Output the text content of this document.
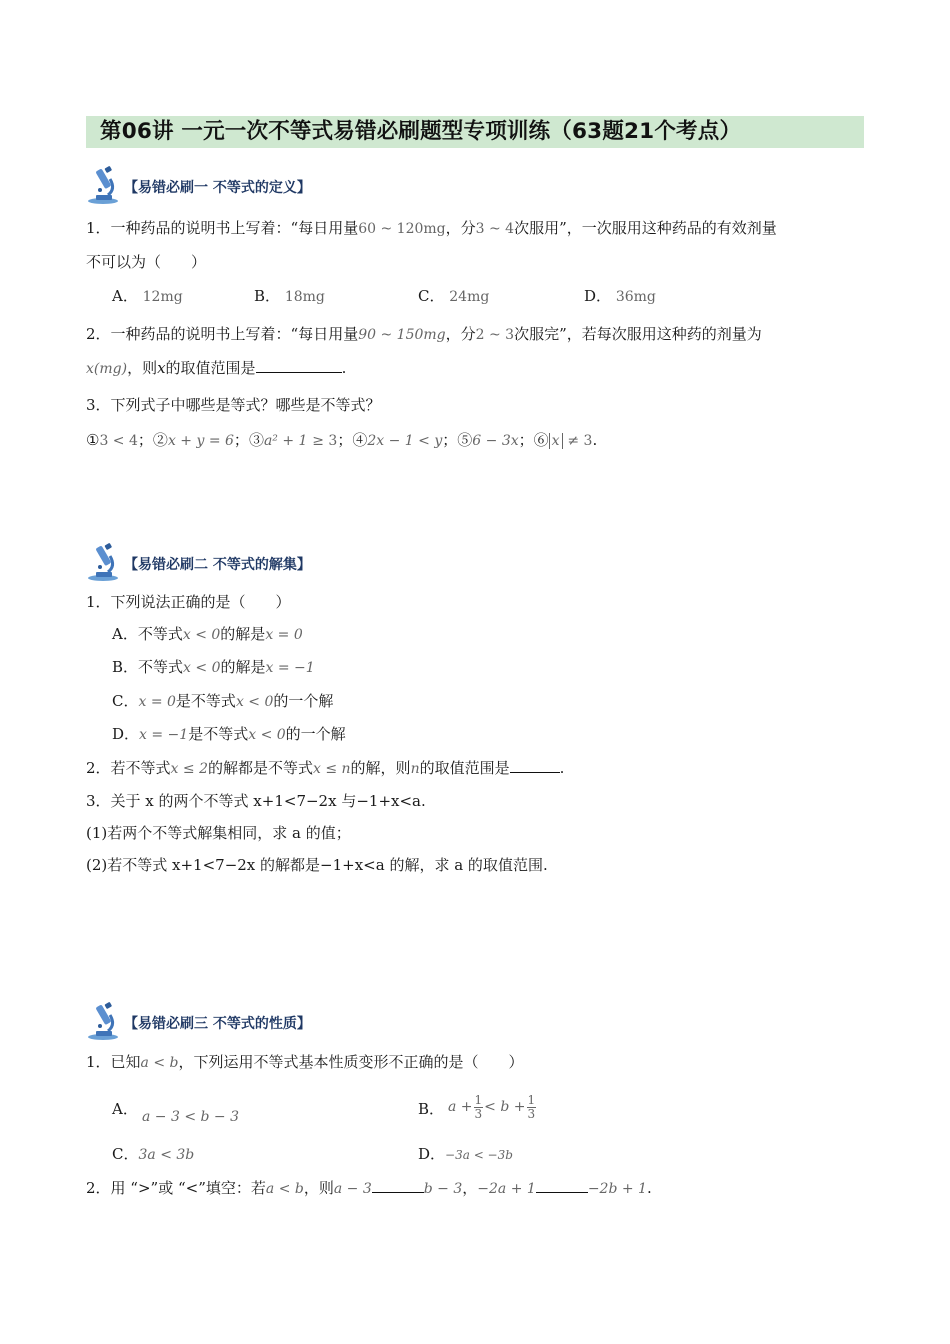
第06讲 一元一次不等式易错必刷题型专项训练（63题21个考点）
【易错必刷一 不等式的定义】
1．一种药品的说明书上写着：“每日用量60 ~ 120mg，分3 ~ 4次服用”，一次服用这种药品的有效剂量
不可以为（　　）
A． 12mg	B． 18mg	C． 24mg	D． 36mg
2．一种药品的说明书上写着：“每日用量90 ~ 150mg，分2 ~ 3次服完”，若每次服用这种药的剂量为
x(mg)，则x的取值范围是	.
3．下列式子中哪些是等式？哪些是不等式？
①3 < 4；②x + y = 6；③a² + 1 ≥ 3；④2x − 1 < y；⑤6 − 3x；⑥ x ≠ 3.
【易错必刷二 不等式的解集】
1．下列说法正确的是（　　）
A．不等式x < 0的解是x = 0
B．不等式x < 0的解是x = −1
C．x = 0是不等式x < 0的一个解
D．x = −1是不等式x < 0的一个解
2．若不等式x ≤ 2的解都是不等式x ≤ n的解，则n的取值范围是	.
3．关于 x 的两个不等式 x+1<7−2x 与−1+x<a.
(1)若两个不等式解集相同，求 a 的值；
(2)若不等式 x+1<7−2x 的解都是−1+x<a 的解，求 a 的取值范围.
【易错必刷三 不等式的性质】
1．已知a < b，下列运用不等式基本性质变形不正确的是（　　）
A． a − 3 < b − 3	B． $a + \frac{1}{3} < b + \frac{1}{3}$
C．3a < 3b	D．−3a < −3b
2．用 “>”或 “<”填空：若a < b，则a − 3	b − 3，−2a + 1	−2b + 1.
